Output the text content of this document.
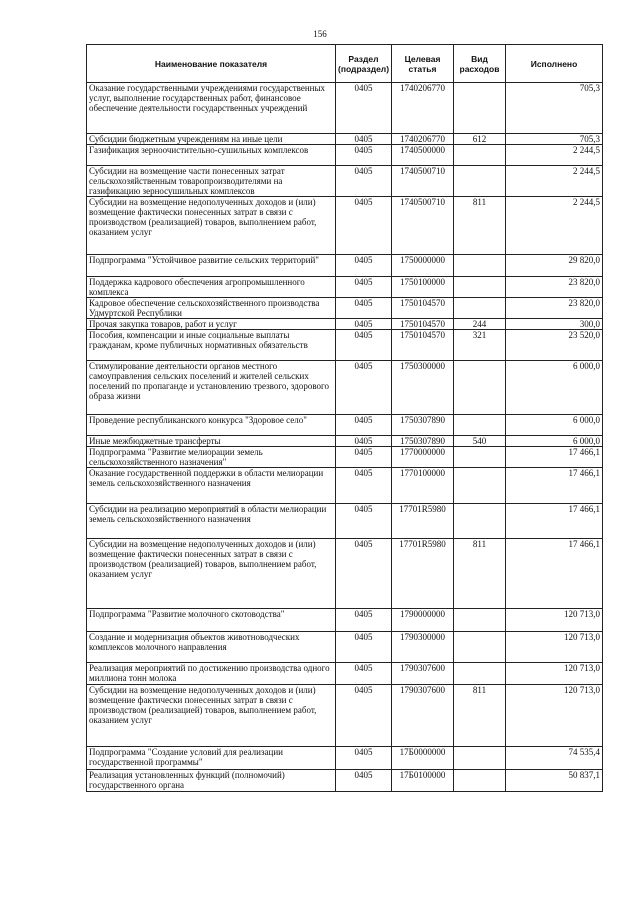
156
Наименование показателя	Раздел (подраздел)	Целевая статья	Вид расходов	Исполнено
Оказание государственными учреждениями государственных услуг, выполнение государственных работ, финансовое обеспечение деятельности государственных учреждений	0405	1740206770		705,3
Субсидии бюджетным учреждениям на иные цели	0405	1740206770	612	705,3
Газификация зерноочистительно-сушильных комплексов	0405	1740500000		2 244,5
Субсидии на возмещение части понесенных затрат сельскохозяйственным товаропроизводителями на газификацию зерносушильных комплексов	0405	1740500710		2 244,5
Субсидии на возмещение недополученных доходов и (или) возмещение фактически понесенных затрат в связи с производством (реализацией) товаров, выполнением работ, оказанием услуг	0405	1740500710	811	2 244,5
Подпрограмма "Устойчивое развитие сельских территорий"	0405	1750000000		29 820,0
Поддержка кадрового обеспечения агропромышленного комплекса	0405	1750100000		23 820,0
Кадровое обеспечение сельскохозяйственного производства Удмуртской Республики	0405	1750104570		23 820,0
Прочая закупка товаров, работ и услуг	0405	1750104570	244	300,0
Пособия, компенсации и иные социальные выплаты гражданам, кроме публичных нормативных обязательств	0405	1750104570	321	23 520,0
Стимулирование деятельности органов местного самоуправления сельских поселений и жителей сельских поселений по пропаганде и установлению трезвого, здорового образа жизни	0405	1750300000		6 000,0
Проведение республиканского конкурса "Здоровое село"	0405	1750307890		6 000,0
Иные межбюджетные трансферты	0405	1750307890	540	6 000,0
Подпрограмма "Развитие мелиорации земель сельскохозяйственного назначения"	0405	1770000000		17 466,1
Оказание государственной поддержки в области мелиорации земель сельскохозяйственного назначения	0405	1770100000		17 466,1
Субсидии на реализацию мероприятий в области мелиорации земель сельскохозяйственного назначения	0405	17701R5980		17 466,1
Субсидии на возмещение недополученных доходов и (или) возмещение фактически понесенных затрат в связи с производством (реализацией) товаров, выполнением работ, оказанием услуг	0405	17701R5980	811	17 466,1
Подпрограмма "Развитие молочного скотоводства"	0405	1790000000		120 713,0
Создание и модернизация объектов животноводческих комплексов молочного направления	0405	1790300000		120 713,0
Реализация мероприятий по достижению производства одного миллиона тонн молока	0405	1790307600		120 713,0
Субсидии на возмещение недополученных доходов и (или) возмещение фактически понесенных затрат в связи с производством (реализацией) товаров, выполнением работ, оказанием услуг	0405	1790307600	811	120 713,0
Подпрограмма "Создание условий для реализации государственной программы"	0405	17Б0000000		74 535,4
Реализация установленных функций (полномочий) государственного органа	0405	17Б0100000		50 837,1
